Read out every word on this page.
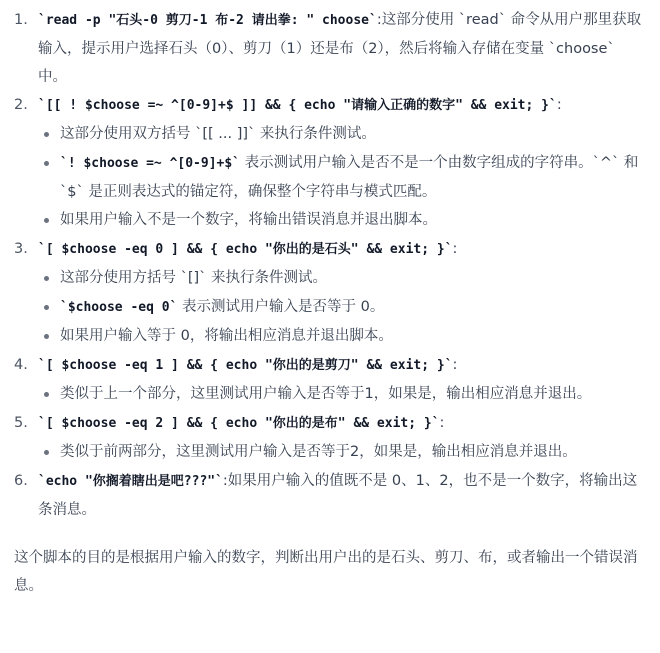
1. `read -p "石头-0 剪刀-1 布-2 请出拳: " choose`:这部分使用 `read` 命令从用户那里获取输入，提示用户选择石头（0）、剪刀（1）还是布（2），然后将输入存储在变量 `choose` 中。
2. `[[ ! $choose =~ ^[0-9]+$ ]] && { echo "请输入正确的数字" && exit; }`:
这部分使用双方括号 `[[ ... ]]` 来执行条件测试。
`! $choose =~ ^[0-9]+$` 表示测试用户输入是否不是一个由数字组成的字符串。`^` 和 `$` 是正则表达式的锚定符，确保整个字符串与模式匹配。
如果用户输入不是一个数字，将输出错误消息并退出脚本。
3. `[ $choose -eq 0 ] && { echo "你出的是石头" && exit; }`:
这部分使用方括号 `[]` 来执行条件测试。
`$choose -eq 0` 表示测试用户输入是否等于 0。
如果用户输入等于 0，将输出相应消息并退出脚本。
4. `[ $choose -eq 1 ] && { echo "你出的是剪刀" && exit; }`:
类似于上一个部分，这里测试用户输入是否等于1，如果是，输出相应消息并退出。
5. `[ $choose -eq 2 ] && { echo "你出的是布" && exit; }`:
类似于前两部分，这里测试用户输入是否等于2，如果是，输出相应消息并退出。
6. `echo "你搁着瞎出是吧???"`:如果用户输入的值既不是 0、1、2，也不是一个数字，将输出这条消息。

这个脚本的目的是根据用户输入的数字，判断出用户出的是石头、剪刀、布，或者输出一个错误消息。
